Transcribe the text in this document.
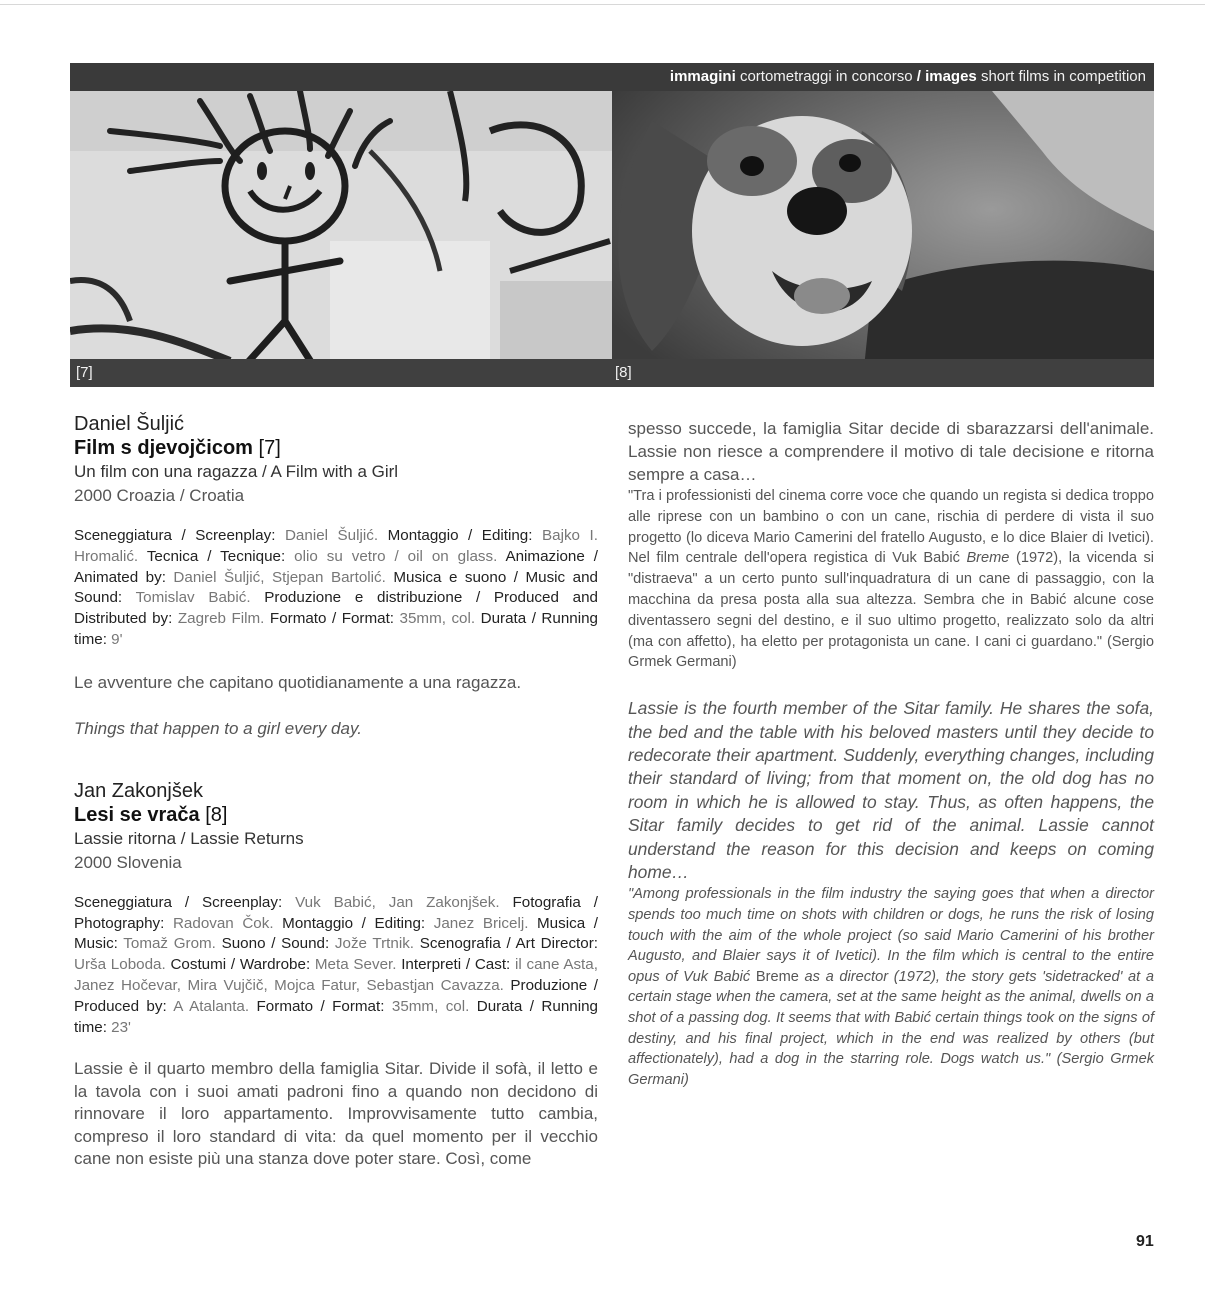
immagini cortometraggi in concorso / images short films in competition
[7]	[8]
Daniel Šuljić
Film s djevojčicom [7]
Un film con una ragazza / A Film with a Girl
2000 Croazia / Croatia
Sceneggiatura / Screenplay: Daniel Šuljić. Montaggio / Editing: Bajko I. Hromalić. Tecnica / Tecnique: olio su vetro / oil on glass. Animazione / Animated by: Daniel Šuljić, Stjepan Bartolić. Musica e suono / Music and Sound: Tomislav Babić. Produzione e distribuzione / Produced and Distributed by: Zagreb Film. Formato / Format: 35mm, col. Durata / Running time: 9'
Le avventure che capitano quotidianamente a una ragazza.
Things that happen to a girl every day.
Jan Zakonjšek
Lesi se vrača [8]
Lassie ritorna / Lassie Returns
2000 Slovenia
Sceneggiatura / Screenplay: Vuk Babić, Jan Zakonjšek. Fotografia / Photography: Radovan Čok. Montaggio / Editing: Janez Bricelj. Musica / Music: Tomaž Grom. Suono / Sound: Jože Trtnik. Scenografia / Art Director: Urša Loboda. Costumi / Wardrobe: Meta Sever. Interpreti / Cast: il cane Asta, Janez Hočevar, Mira Vujčič, Mojca Fatur, Sebastjan Cavazza. Produzione / Produced by: A Atalanta. Formato / Format: 35mm, col. Durata / Running time: 23'
Lassie è il quarto membro della famiglia Sitar. Divide il sofà, il letto e la tavola con i suoi amati padroni fino a quando non decidono di rinnovare il loro appartamento. Improvvisamente tutto cambia, compreso il loro standard di vita: da quel momento per il vecchio cane non esiste più una stanza dove poter stare. Così, come

spesso succede, la famiglia Sitar decide di sbarazzarsi dell'animale. Lassie non riesce a comprendere il motivo di tale decisione e ritorna sempre a casa…

"Tra i professionisti del cinema corre voce che quando un regista si dedica troppo alle riprese con un bambino o con un cane, rischia di perdere di vista il suo progetto (lo diceva Mario Camerini del fratello Augusto, e lo dice Blaier di Ivetici). Nel film centrale dell'opera registica di Vuk Babić Breme (1972), la vicenda si "distraeva" a un certo punto sull'inquadratura di un cane di passaggio, con la macchina da presa posta alla sua altezza. Sembra che in Babić alcune cose diventassero segni del destino, e il suo ultimo progetto, realizzato solo da altri (ma con affetto), ha eletto per protagonista un cane. I cani ci guardano." (Sergio Grmek Germani)

Lassie is the fourth member of the Sitar family. He shares the sofa, the bed and the table with his beloved masters until they decide to redecorate their apartment. Suddenly, everything changes, including their standard of living; from that moment on, the old dog has no room in which he is allowed to stay. Thus, as often happens, the Sitar family decides to get rid of the animal. Lassie cannot understand the reason for this decision and keeps on coming home…

"Among professionals in the film industry the saying goes that when a director spends too much time on shots with children or dogs, he runs the risk of losing touch with the aim of the whole project (so said Mario Camerini of his brother Augusto, and Blaier says it of Ivetici). In the film which is central to the entire opus of Vuk Babić Breme as a director (1972), the story gets 'sidetracked' at a certain stage when the camera, set at the same height as the animal, dwells on a shot of a passing dog. It seems that with Babić certain things took on the signs of destiny, and his final project, which in the end was realized by others (but affectionately), had a dog in the starring role. Dogs watch us." (Sergio Grmek Germani)

91
